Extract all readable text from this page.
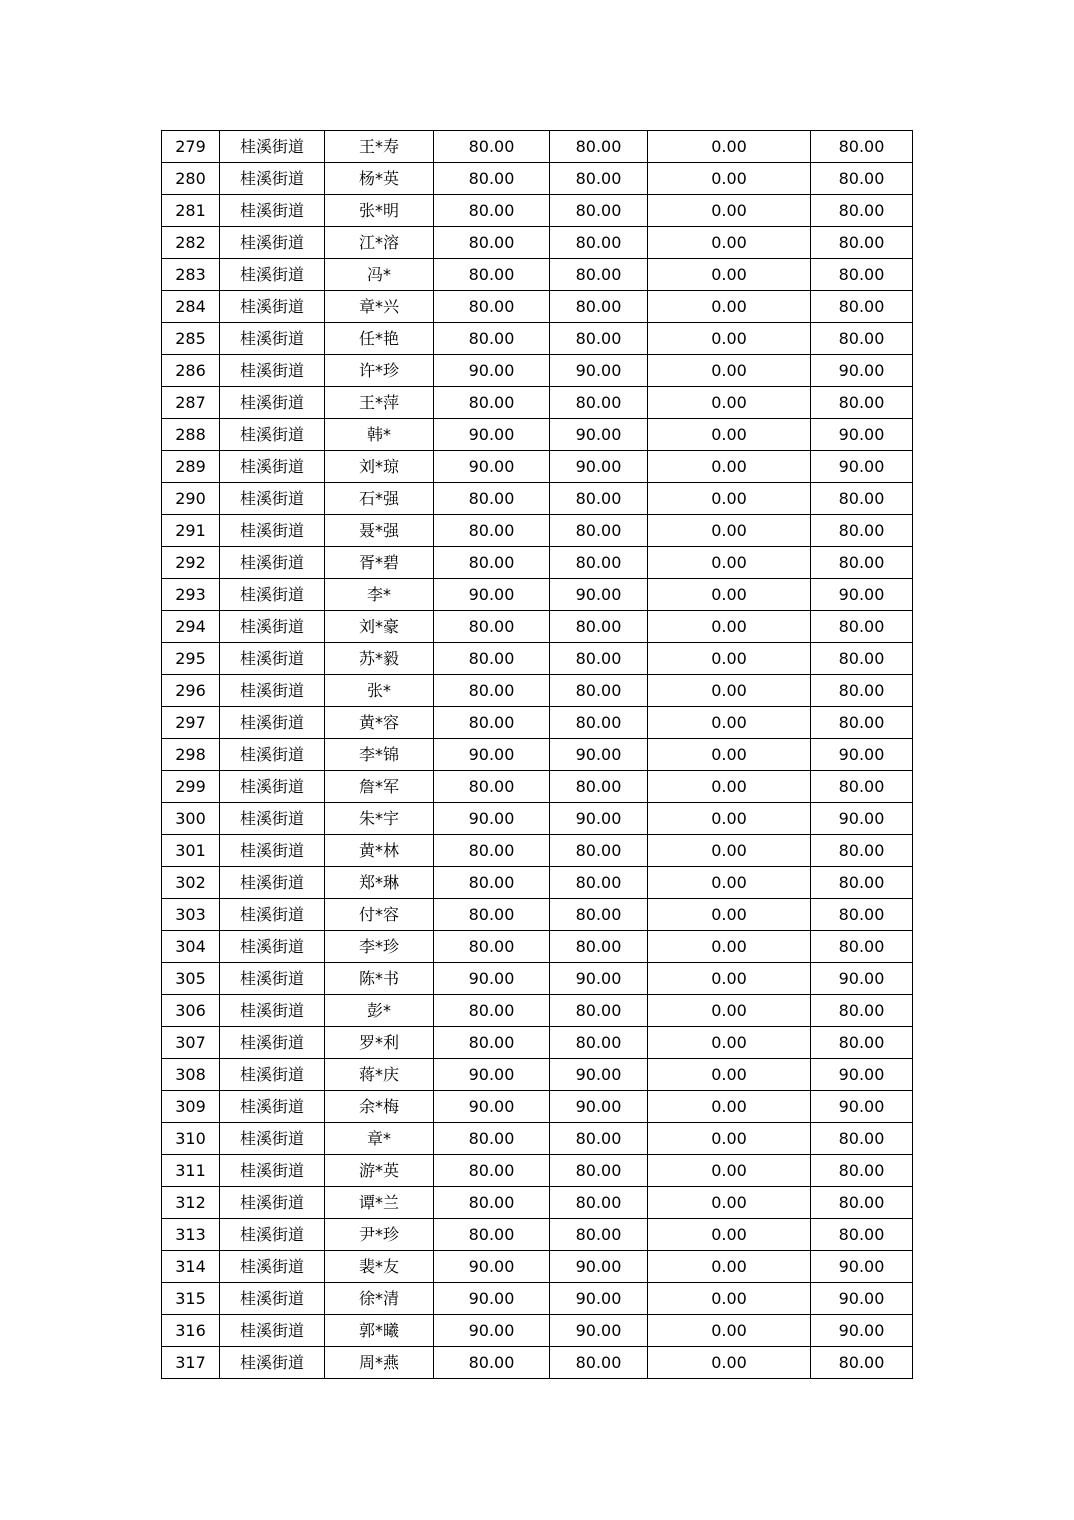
279	桂溪街道	王*寿	80.00	80.00	0.00	80.00
280	桂溪街道	杨*英	80.00	80.00	0.00	80.00
281	桂溪街道	张*明	80.00	80.00	0.00	80.00
282	桂溪街道	江*溶	80.00	80.00	0.00	80.00
283	桂溪街道	冯*	80.00	80.00	0.00	80.00
284	桂溪街道	章*兴	80.00	80.00	0.00	80.00
285	桂溪街道	任*艳	80.00	80.00	0.00	80.00
286	桂溪街道	许*珍	90.00	90.00	0.00	90.00
287	桂溪街道	王*萍	80.00	80.00	0.00	80.00
288	桂溪街道	韩*	90.00	90.00	0.00	90.00
289	桂溪街道	刘*琼	90.00	90.00	0.00	90.00
290	桂溪街道	石*强	80.00	80.00	0.00	80.00
291	桂溪街道	聂*强	80.00	80.00	0.00	80.00
292	桂溪街道	胥*碧	80.00	80.00	0.00	80.00
293	桂溪街道	李*	90.00	90.00	0.00	90.00
294	桂溪街道	刘*豪	80.00	80.00	0.00	80.00
295	桂溪街道	苏*毅	80.00	80.00	0.00	80.00
296	桂溪街道	张*	80.00	80.00	0.00	80.00
297	桂溪街道	黄*容	80.00	80.00	0.00	80.00
298	桂溪街道	李*锦	90.00	90.00	0.00	90.00
299	桂溪街道	詹*军	80.00	80.00	0.00	80.00
300	桂溪街道	朱*宇	90.00	90.00	0.00	90.00
301	桂溪街道	黄*林	80.00	80.00	0.00	80.00
302	桂溪街道	郑*琳	80.00	80.00	0.00	80.00
303	桂溪街道	付*容	80.00	80.00	0.00	80.00
304	桂溪街道	李*珍	80.00	80.00	0.00	80.00
305	桂溪街道	陈*书	90.00	90.00	0.00	90.00
306	桂溪街道	彭*	80.00	80.00	0.00	80.00
307	桂溪街道	罗*利	80.00	80.00	0.00	80.00
308	桂溪街道	蒋*庆	90.00	90.00	0.00	90.00
309	桂溪街道	余*梅	90.00	90.00	0.00	90.00
310	桂溪街道	章*	80.00	80.00	0.00	80.00
311	桂溪街道	游*英	80.00	80.00	0.00	80.00
312	桂溪街道	谭*兰	80.00	80.00	0.00	80.00
313	桂溪街道	尹*珍	80.00	80.00	0.00	80.00
314	桂溪街道	裴*友	90.00	90.00	0.00	90.00
315	桂溪街道	徐*清	90.00	90.00	0.00	90.00
316	桂溪街道	郭*曦	90.00	90.00	0.00	90.00
317	桂溪街道	周*燕	80.00	80.00	0.00	80.00
